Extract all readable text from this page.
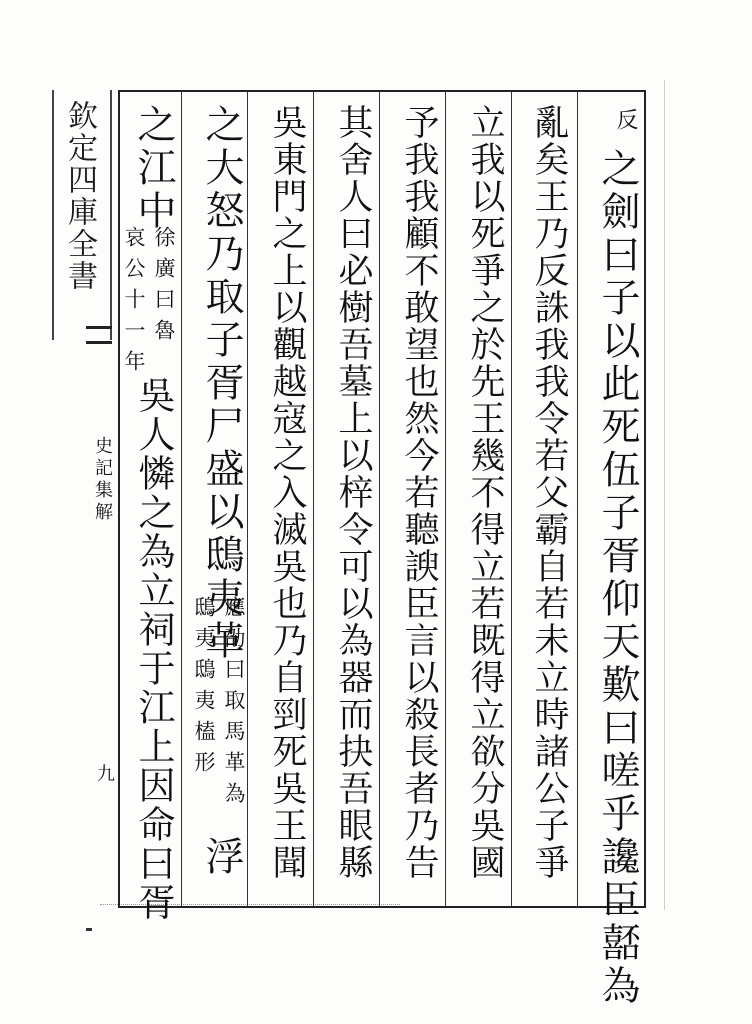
欽定四庫全書
史記集解
九
反
之劍曰子以此死伍子胥仰天歎曰嗟乎讒臣嚭為
亂矣王乃反誅我我令若父霸自若未立時諸公子爭
立我以死爭之於先王幾不得立若既得立欲分吳國
予我我顧不敢望也然今若聽諛臣言以殺長者乃告
其舍人曰必樹吾墓上以梓令可以為器而抉吾眼縣
吳東門之上以觀越寇之入滅吳也乃自剄死吳王聞
之大怒乃取子胥尸盛以鴟夷革
應劭曰取馬革為
鴟夷鴟夷榼形
浮
之江中
徐廣曰魯
哀公十一年
吳人憐之為立祠于江上因命曰胥
